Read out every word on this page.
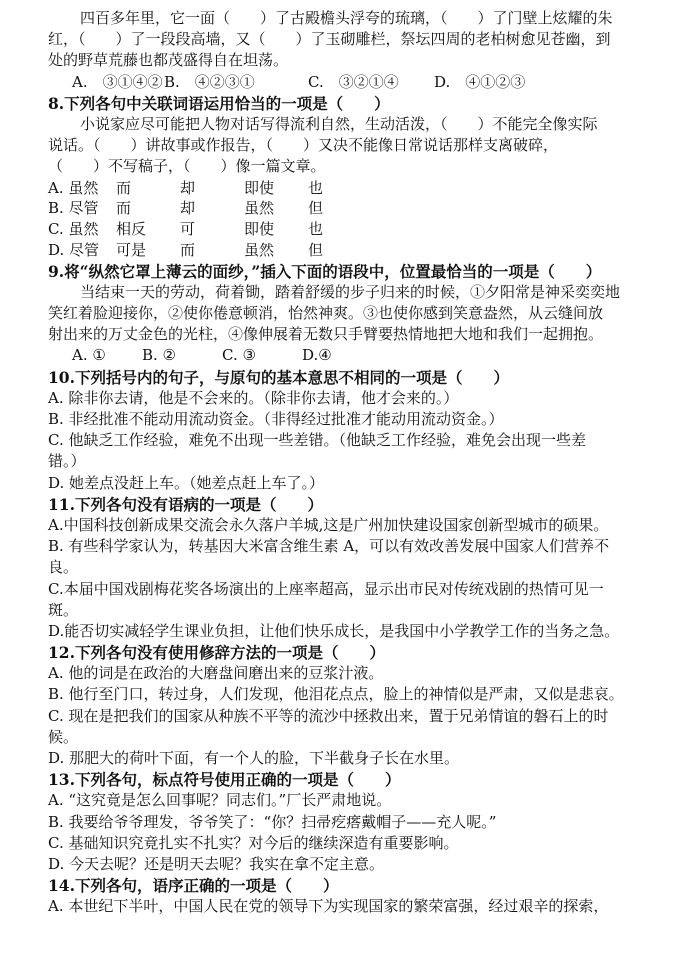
四百多年里，它一面（　　）了古殿檐头浮夸的琉璃，（　　）了门壁上炫耀的朱
红，（　　）了一段段高墙，又（　　）了玉砌雕栏，祭坛四周的老柏树愈见苍幽，到
处的野草荒藤也都茂盛得自在坦荡。
A.　③①④② B.　④②③①	C.　③②①④	D.　④①②③
8.下列各句中关联词语运用恰当的一项是（　　）
小说家应尽可能把人物对话写得流利自然，生动活泼，（　　）不能完全像实际
说话。（　　）讲故事或作报告，（　　）又决不能像日常说话那样支离破碎，
（　　）不写稿子，（　　）像一篇文章。
A. 虽然	而	却	即使	也
B. 尽管	而	却	虽然	但
C. 虽然	相反	可	即使	也
D. 尽管	可是	而	虽然	但
9.将“纵然它罩上薄云的面纱，”插入下面的语段中，位置最恰当的一项是（　　）
当结束一天的劳动，荷着锄，踏着舒缓的步子归来的时候，①夕阳常是神采奕奕地
笑红着脸迎接你，②使你倦意顿消，怡然神爽。③也使你感到笑意盎然，从云缝间放
射出来的万丈金色的光柱，④像伸展着无数只手臂要热情地把大地和我们一起拥抱。
A. ①	B. ②	C. ③	D.④
10.下列括号内的句子，与原句的基本意思不相同的一项是（　　）
A. 除非你去请，他是不会来的。（除非你去请，他才会来的。）
B. 非经批准不能动用流动资金。（非得经过批准才能动用流动资金。）
C. 他缺乏工作经验，难免不出现一些差错。（他缺乏工作经验，难免会出现一些差
错。）
D. 她差点没赶上车。（她差点赶上车了。）
11.下列各句没有语病的一项是（　　）
A.中国科技创新成果交流会永久落户羊城,这是广州加快建设国家创新型城市的硕果。
B. 有些科学家认为，转基因大米富含维生素 A，可以有效改善发展中国家人们营养不
良。
C.本届中国戏剧梅花奖各场演出的上座率超高，显示出市民对传统戏剧的热情可见一
斑。
D.能否切实减轻学生课业负担，让他们快乐成长，是我国中小学教学工作的当务之急。
12.下列各句没有使用修辞方法的一项是（　　）
A. 他的词是在政治的大磨盘间磨出来的豆浆汁液。
B. 他行至门口，转过身，人们发现，他泪花点点，脸上的神情似是严肃，又似是悲哀。
C. 现在是把我们的国家从种族不平等的流沙中拯救出来，置于兄弟情谊的磐石上的时
候。
D. 那肥大的荷叶下面，有一个人的脸，下半截身子长在水里。
13.下列各句，标点符号使用正确的一项是（　　）
A. “这究竟是怎么回事呢？同志们。”厂长严肃地说。
B. 我要给爷爷理发，爷爷笑了：“你？扫帚疙瘩戴帽子——充人呢。”
C. 基础知识究竟扎实不扎实？对今后的继续深造有重要影响。
D. 今天去呢？还是明天去呢？我实在拿不定主意。
14.下列各句，语序正确的一项是（　　）
A. 本世纪下半叶，中国人民在党的领导下为实现国家的繁荣富强，经过艰辛的探索，
